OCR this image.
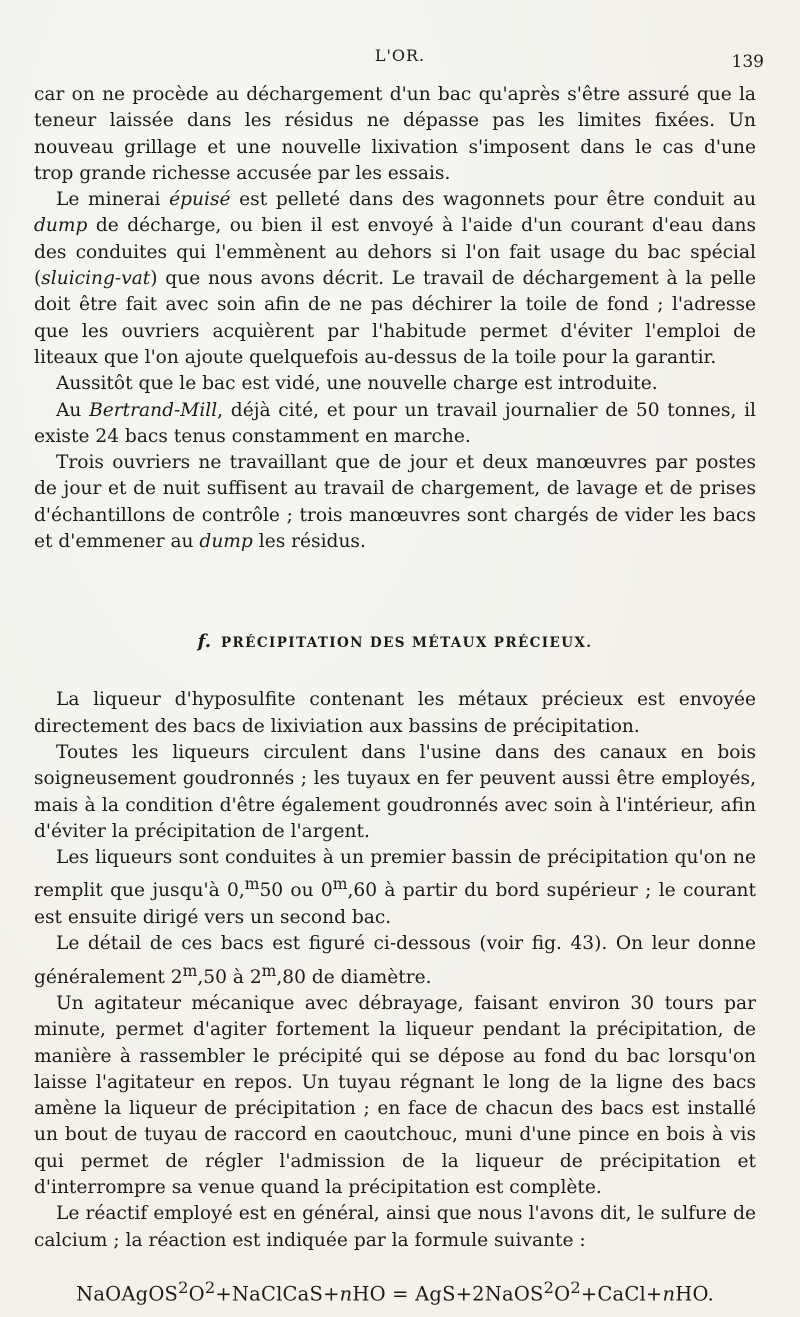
L'OR.	139

car on ne procède au déchargement d'un bac qu'après s'être assuré que la teneur laissée dans les résidus ne dépasse pas les limites fixées. Un nouveau grillage et une nouvelle lixivation s'imposent dans le cas d'une trop grande richesse accusée par les essais.

Le minerai épuisé est pelleté dans des wagonnets pour être conduit au dump de décharge, ou bien il est envoyé à l'aide d'un courant d'eau dans des conduites qui l'emmènent au dehors si l'on fait usage du bac spécial (sluicing-vat) que nous avons décrit. Le travail de déchargement à la pelle doit être fait avec soin afin de ne pas déchirer la toile de fond ; l'adresse que les ouvriers acquièrent par l'habitude permet d'éviter l'emploi de liteaux que l'on ajoute quelquefois au-dessus de la toile pour la garantir.

Aussitôt que le bac est vidé, une nouvelle charge est introduite.

Au Bertrand-Mill, déjà cité, et pour un travail journalier de 50 tonnes, il existe 24 bacs tenus constamment en marche.

Trois ouvriers ne travaillant que de jour et deux manœuvres par postes de jour et de nuit suffisent au travail de chargement, de lavage et de prises d'échantillons de contrôle ; trois manœuvres sont chargés de vider les bacs et d'emmener au dump les résidus.

f. PRÉCIPITATION DES MÉTAUX PRÉCIEUX.

La liqueur d'hyposulfite contenant les métaux précieux est envoyée directement des bacs de lixiviation aux bassins de précipitation.

Toutes les liqueurs circulent dans l'usine dans des canaux en bois soigneusement goudronnés ; les tuyaux en fer peuvent aussi être employés, mais à la condition d'être également goudronnés avec soin à l'intérieur, afin d'éviter la précipitation de l'argent.

Les liqueurs sont conduites à un premier bassin de précipitation qu'on ne remplit que jusqu'à 0,$^m$50 ou 0$^m$,60 à partir du bord supérieur ; le courant est ensuite dirigé vers un second bac.

Le détail de ces bacs est figuré ci-dessous (voir fig. 43). On leur donne généralement 2$^m$,50 à 2$^m$,80 de diamètre.

Un agitateur mécanique avec débrayage, faisant environ 30 tours par minute, permet d'agiter fortement la liqueur pendant la précipitation, de manière à rassembler le précipité qui se dépose au fond du bac lorsqu'on laisse l'agitateur en repos. Un tuyau régnant le long de la ligne des bacs amène la liqueur de précipitation ; en face de chacun des bacs est installé un bout de tuyau de raccord en caoutchouc, muni d'une pince en bois à vis qui permet de régler l'admission de la liqueur de précipitation et d'interrompre sa venue quand la précipitation est complète.

Le réactif employé est en général, ainsi que nous l'avons dit, le sulfure de calcium ; la réaction est indiquée par la formule suivante :

$NaOAgOS^2O^2+NaClCaS+nHO$ = $AgS+2NaOS^2O^2+CaCl+nHO$.
